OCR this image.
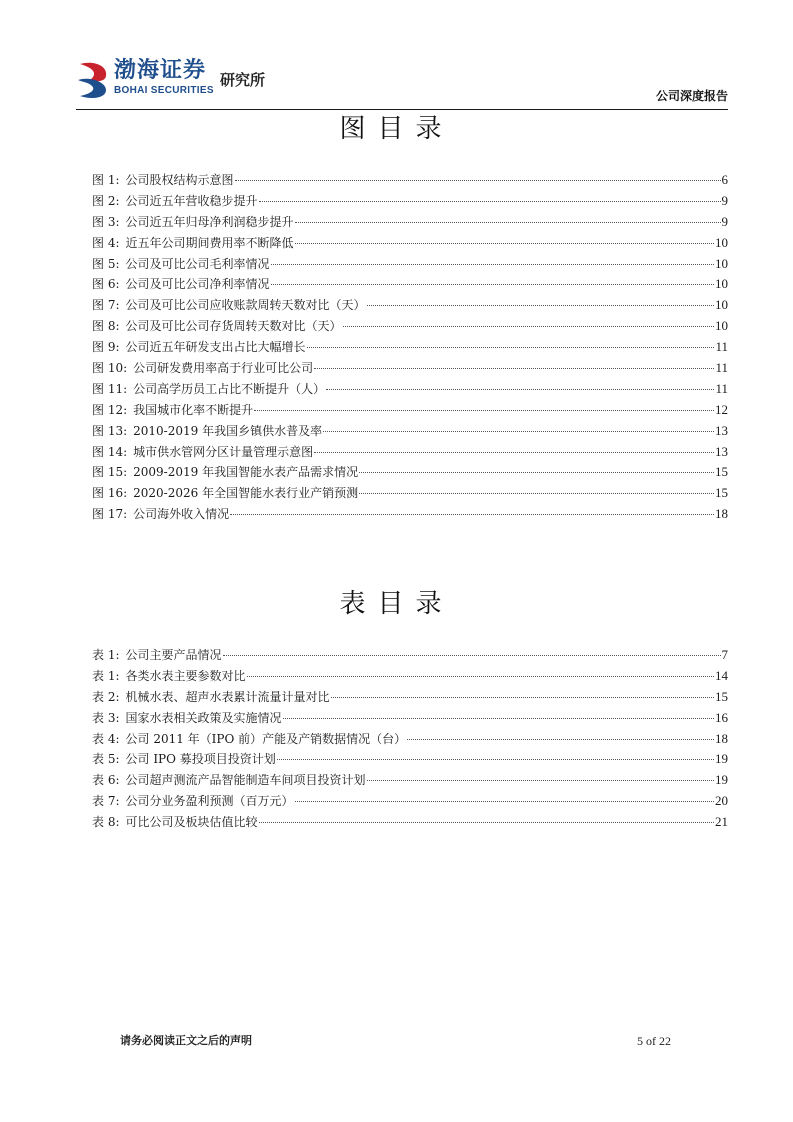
渤海证券
BOHAI SECURITIES
研究所
公司深度报告
图目录
图 1: 公司股权结构示意图	6
图 2: 公司近五年营收稳步提升	9
图 3: 公司近五年归母净利润稳步提升	9
图 4: 近五年公司期间费用率不断降低	10
图 5: 公司及可比公司毛利率情况	10
图 6: 公司及可比公司净利率情况	10
图 7: 公司及可比公司应收账款周转天数对比（天）	10
图 8: 公司及可比公司存货周转天数对比（天）	10
图 9: 公司近五年研发支出占比大幅增长	11
图 10: 公司研发费用率高于行业可比公司	11
图 11: 公司高学历员工占比不断提升（人）	11
图 12: 我国城市化率不断提升	12
图 13: 2010-2019 年我国乡镇供水普及率	13
图 14: 城市供水管网分区计量管理示意图	13
图 15: 2009-2019 年我国智能水表产品需求情况	15
图 16: 2020-2026 年全国智能水表行业产销预测	15
图 17: 公司海外收入情况	18
表目录
表 1: 公司主要产品情况	7
表 1: 各类水表主要参数对比	14
表 2: 机械水表、超声水表累计流量计量对比	15
表 3: 国家水表相关政策及实施情况	16
表 4: 公司 2011 年（IPO 前）产能及产销数据情况（台）	18
表 5: 公司 IPO 募投项目投资计划	19
表 6: 公司超声测流产品智能制造车间项目投资计划	19
表 7: 公司分业务盈利预测（百万元）	20
表 8: 可比公司及板块估值比较	21
请务必阅读正文之后的声明	5 of 22
